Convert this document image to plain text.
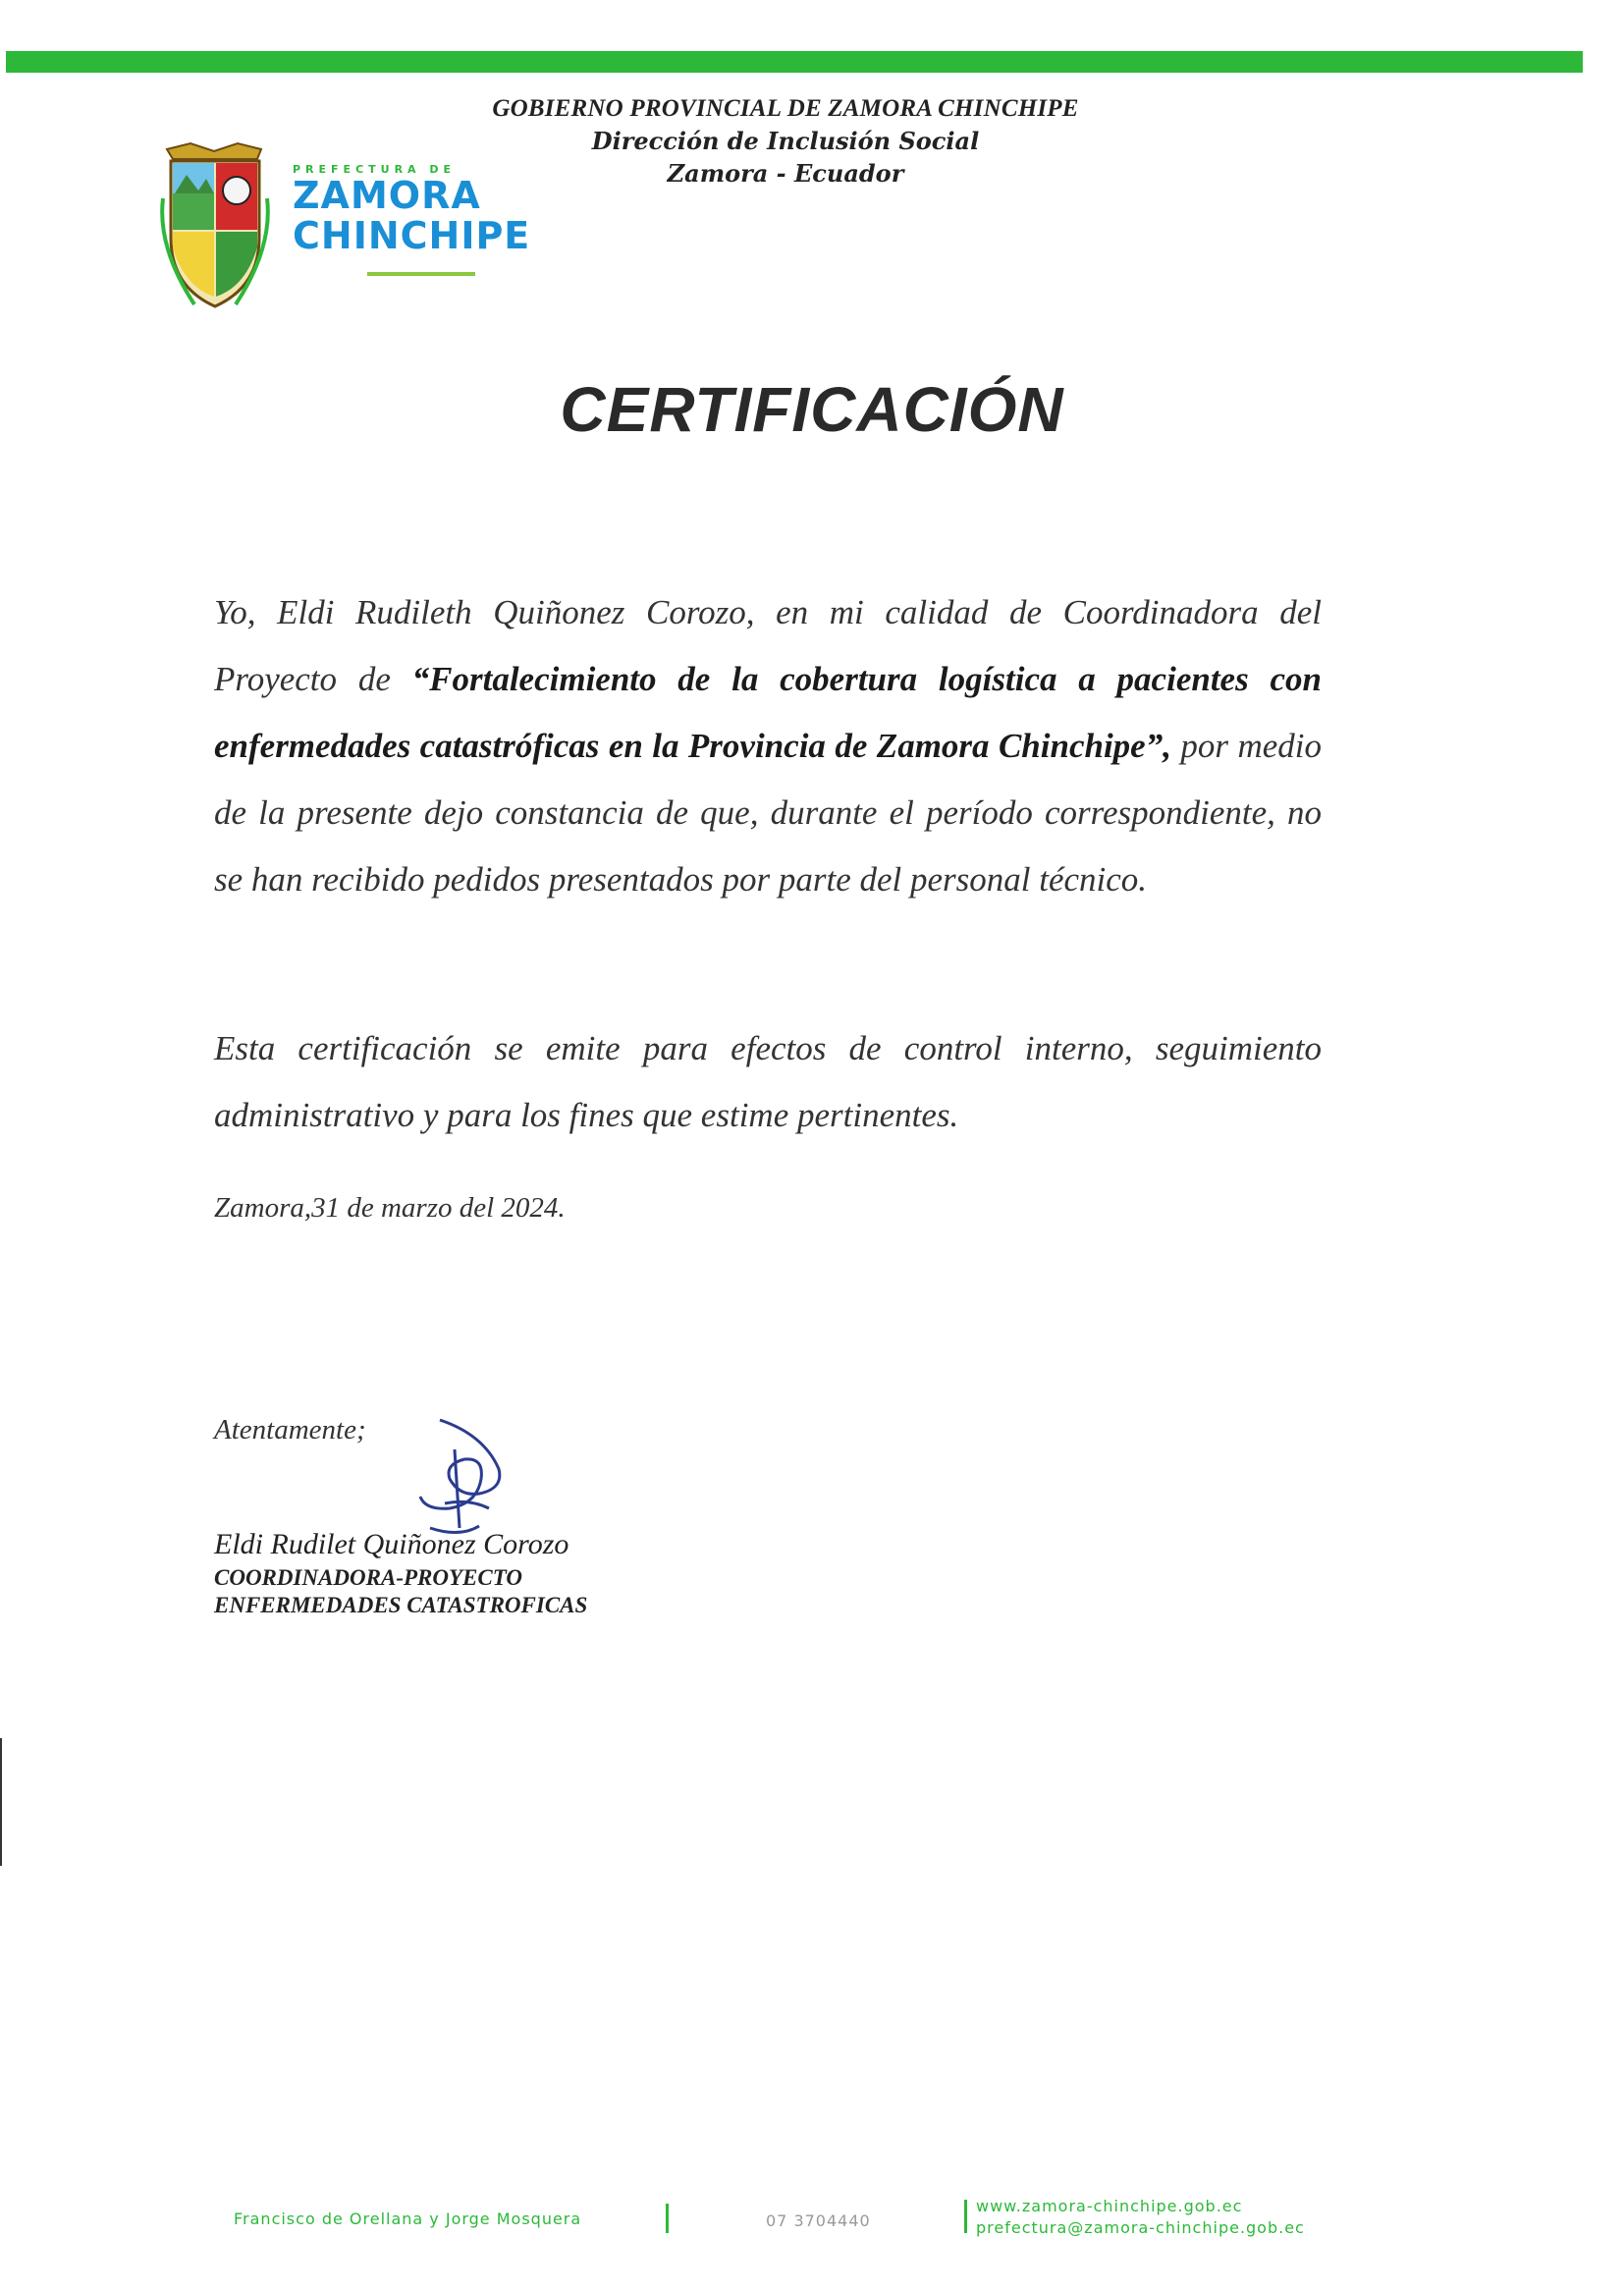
GOBIERNO PROVINCIAL DE ZAMORA CHINCHIPE
Dirección de Inclusión Social
Zamora - Ecuador
PREFECTURA DE
ZAMORA
CHINCHIPE
CERTIFICACIÓN
Yo, Eldi Rudileth Quiñonez Corozo, en mi calidad de Coordinadora del Proyecto de “Fortalecimiento de la cobertura logística a pacientes con enfermedades catastróficas en la Provincia de Zamora Chinchipe”, por medio de la presente dejo constancia de que, durante el período correspondiente, no se han recibido pedidos presentados por parte del personal técnico.
Esta certificación se emite para efectos de control interno, seguimiento administrativo y para los fines que estime pertinentes.
Zamora,31 de marzo del 2024.
Atentamente;
Eldi Rudilet Quiñonez Corozo
COORDINADORA-PROYECTO
ENFERMEDADES CATASTROFICAS
Francisco de Orellana y Jorge Mosquera	07 3704440
www.zamora-chinchipe.gob.ec
prefectura@zamora-chinchipe.gob.ec
